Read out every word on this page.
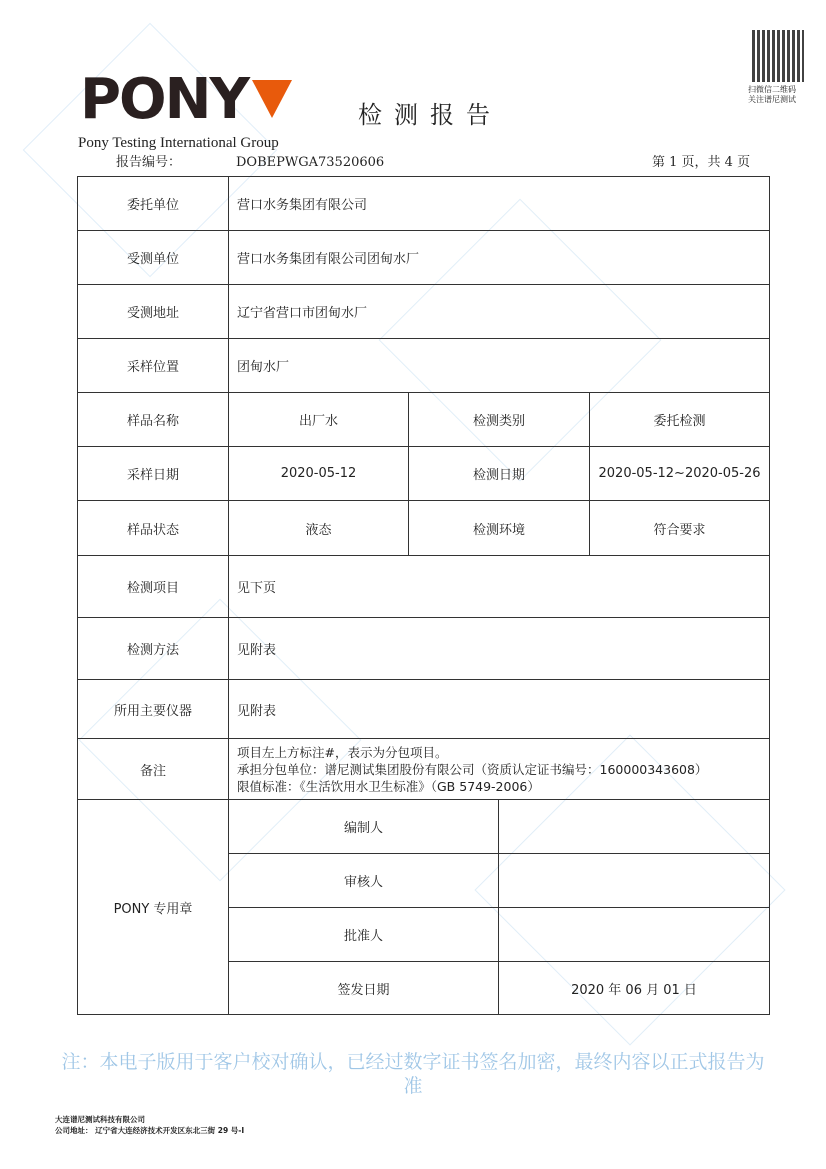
注：本电子版用于客户校对确认，已经过数字证书签名加密，最终内容以正式报告为准
PONY
Pony Testing International Group
检测报告
扫微信二维码
关注谱尼测试
报告编号：	DOBEPWGA73520606	第 1 页，共 4 页
委托单位	营口水务集团有限公司			
受测单位	营口水务集团有限公司团甸水厂			
受测地址	辽宁省营口市团甸水厂			
采样位置	团甸水厂			
样品名称	出厂水	检测类别		委托检测
采样日期	2020-05-12	检测日期		2020-05-12~2020-05-26
样品状态	液态	检测环境		符合要求
检测项目	见下页			
检测方法	见附表			
所用主要仪器	见附表			
备注	项目左上方标注#，表示为分包项目。
承担分包单位：谱尼测试集团股份有限公司（资质认定证书编号：160000343608）
限值标准：《生活饮用水卫生标准》（GB 5749-2006）			

PONY 专用章	编制人			
	审核人			
	批准人			
	签发日期		2020 年 06 月 01 日	
大连谱尼测试科技有限公司
公司地址： 辽宁省大连经济技术开发区东北三街 29 号-I
